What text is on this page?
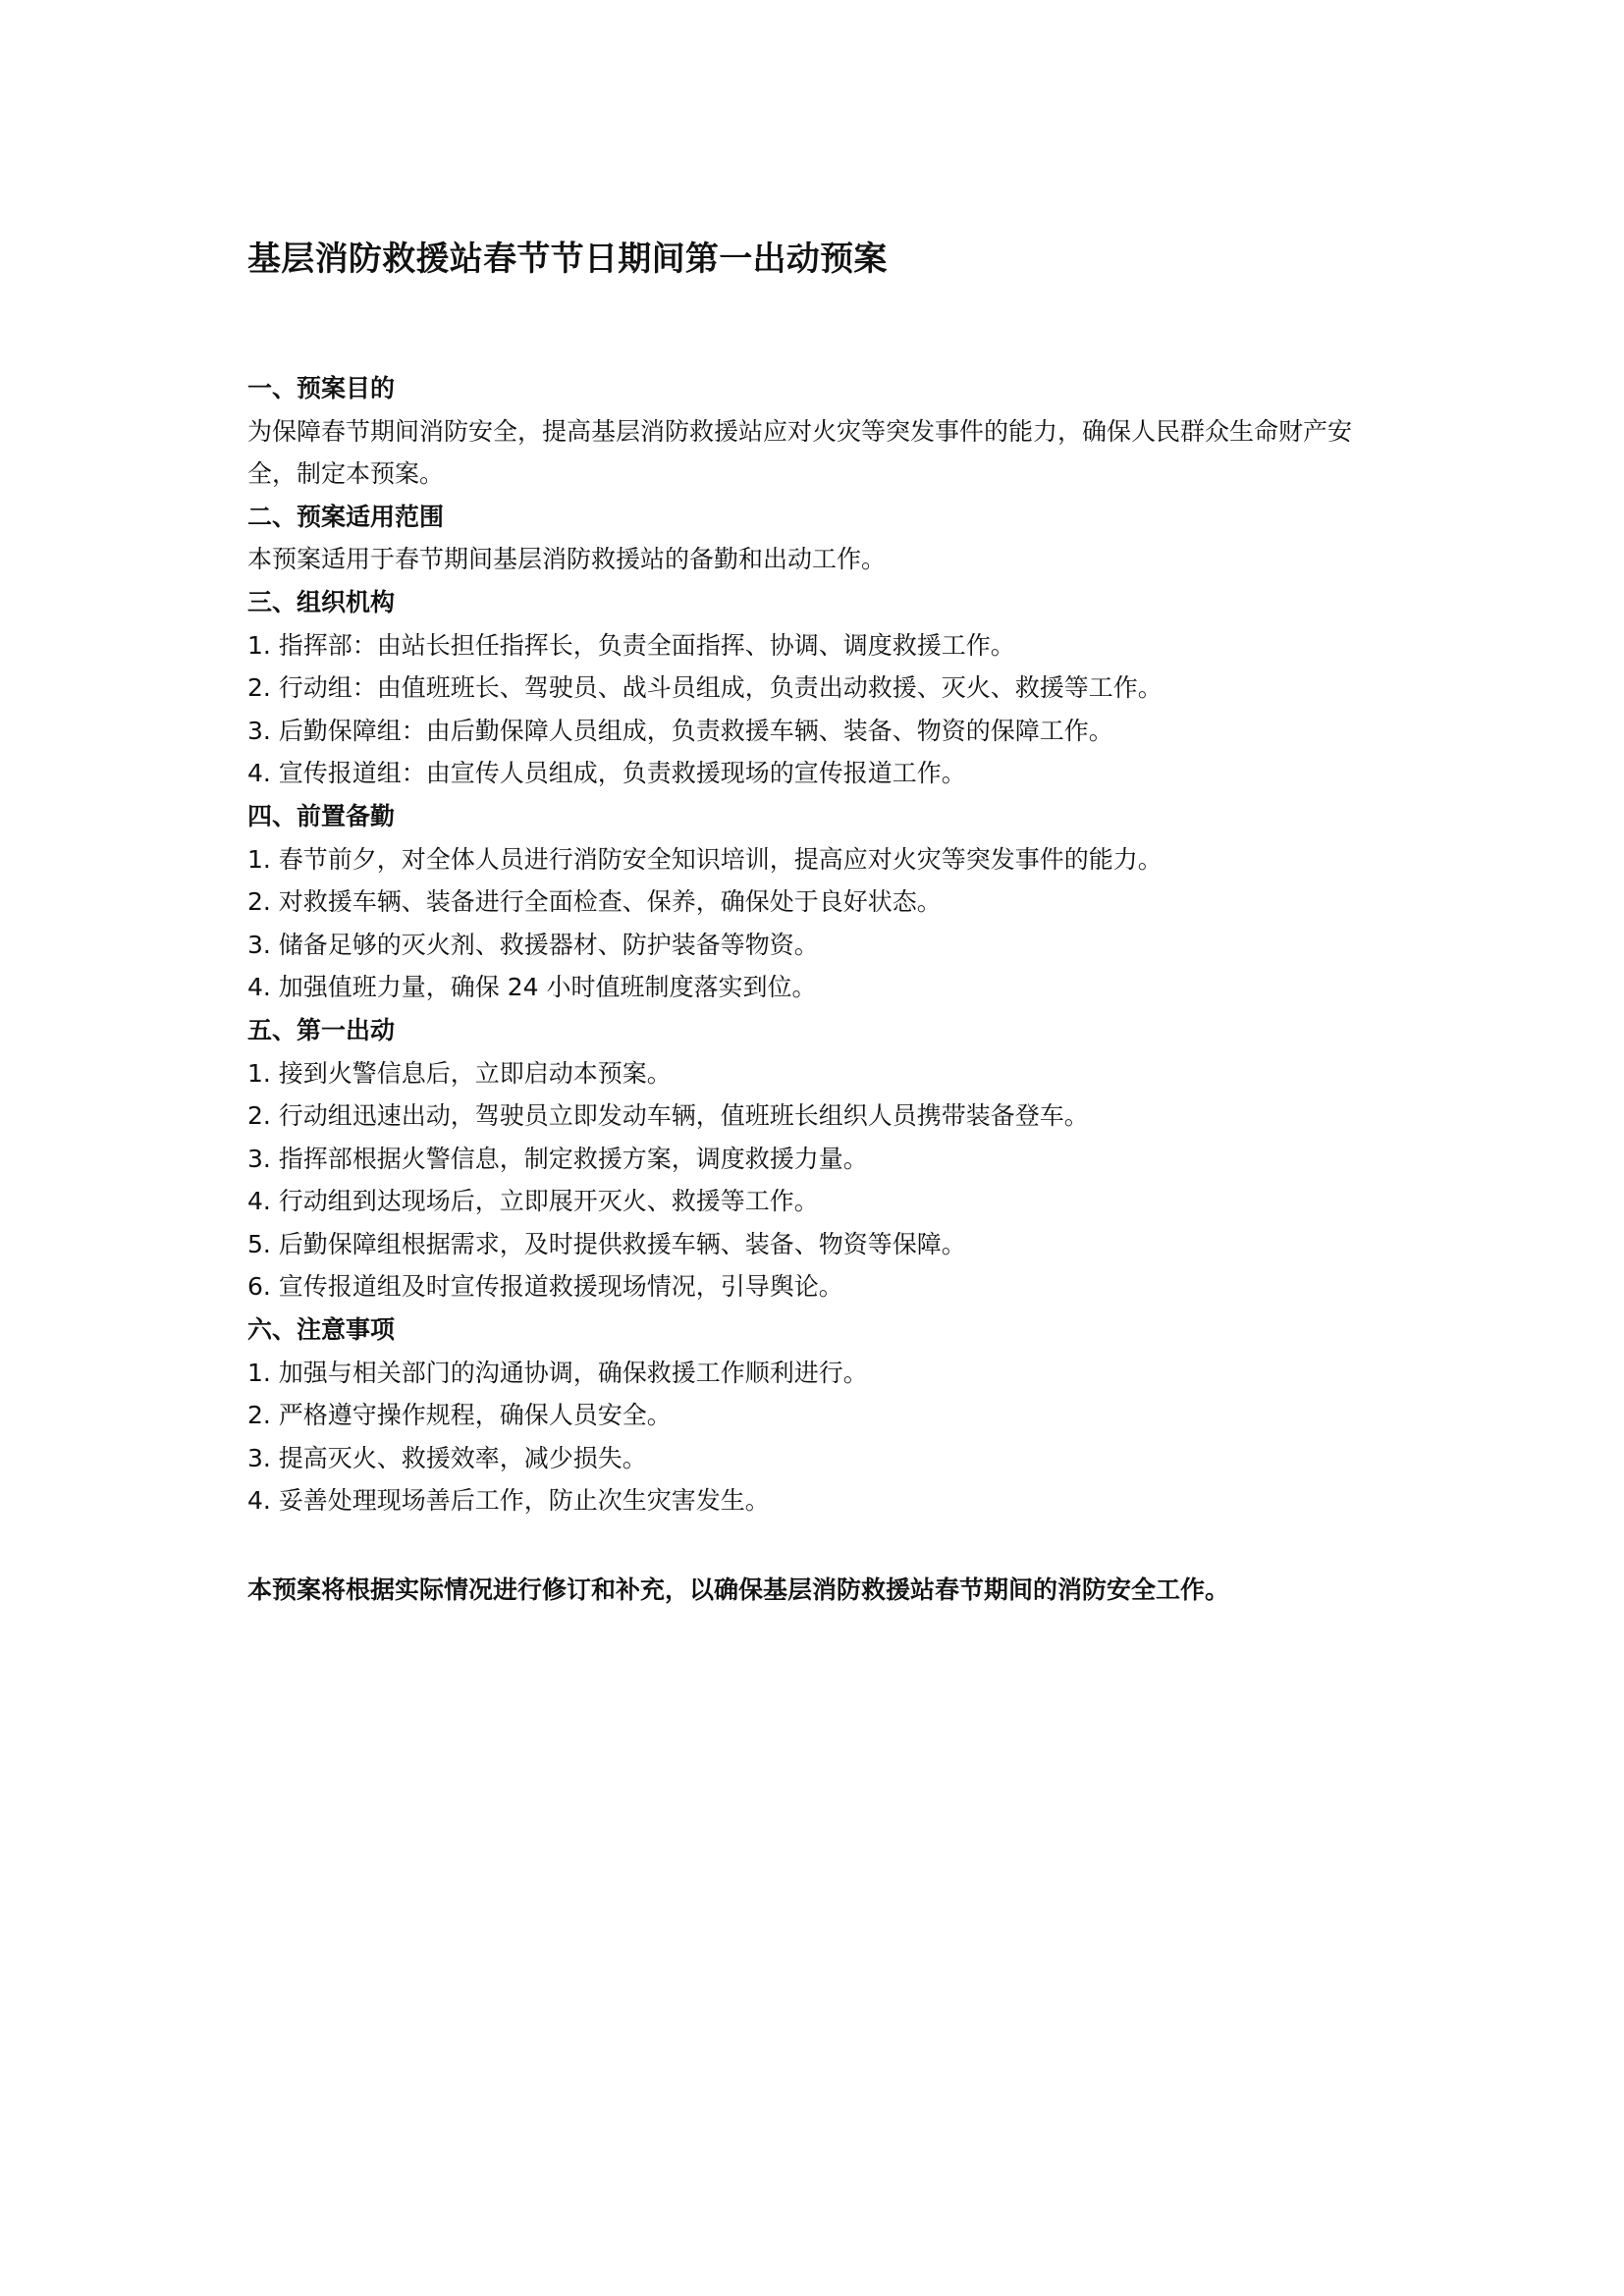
基层消防救援站春节节日期间第一出动预案
一、预案目的

为保障春节期间消防安全，提高基层消防救援站应对火灾等突发事件的能力，确保人民群众生命财产安全，制定本预案。

二、预案适用范围

本预案适用于春节期间基层消防救援站的备勤和出动工作。

三、组织机构

1. 指挥部：由站长担任指挥长，负责全面指挥、协调、调度救援工作。

2. 行动组：由值班班长、驾驶员、战斗员组成，负责出动救援、灭火、救援等工作。

3. 后勤保障组：由后勤保障人员组成，负责救援车辆、装备、物资的保障工作。

4. 宣传报道组：由宣传人员组成，负责救援现场的宣传报道工作。

四、前置备勤

1. 春节前夕，对全体人员进行消防安全知识培训，提高应对火灾等突发事件的能力。

2. 对救援车辆、装备进行全面检查、保养，确保处于良好状态。

3. 储备足够的灭火剂、救援器材、防护装备等物资。

4. 加强值班力量，确保 24 小时值班制度落实到位。

五、第一出动

1. 接到火警信息后，立即启动本预案。

2. 行动组迅速出动，驾驶员立即发动车辆，值班班长组织人员携带装备登车。

3. 指挥部根据火警信息，制定救援方案，调度救援力量。

4. 行动组到达现场后，立即展开灭火、救援等工作。

5. 后勤保障组根据需求，及时提供救援车辆、装备、物资等保障。

6. 宣传报道组及时宣传报道救援现场情况，引导舆论。

六、注意事项

1. 加强与相关部门的沟通协调，确保救援工作顺利进行。

2. 严格遵守操作规程，确保人员安全。

3. 提高灭火、救援效率，减少损失。

4. 妥善处理现场善后工作，防止次生灾害发生。

本预案将根据实际情况进行修订和补充，以确保基层消防救援站春节期间的消防安全工作。
